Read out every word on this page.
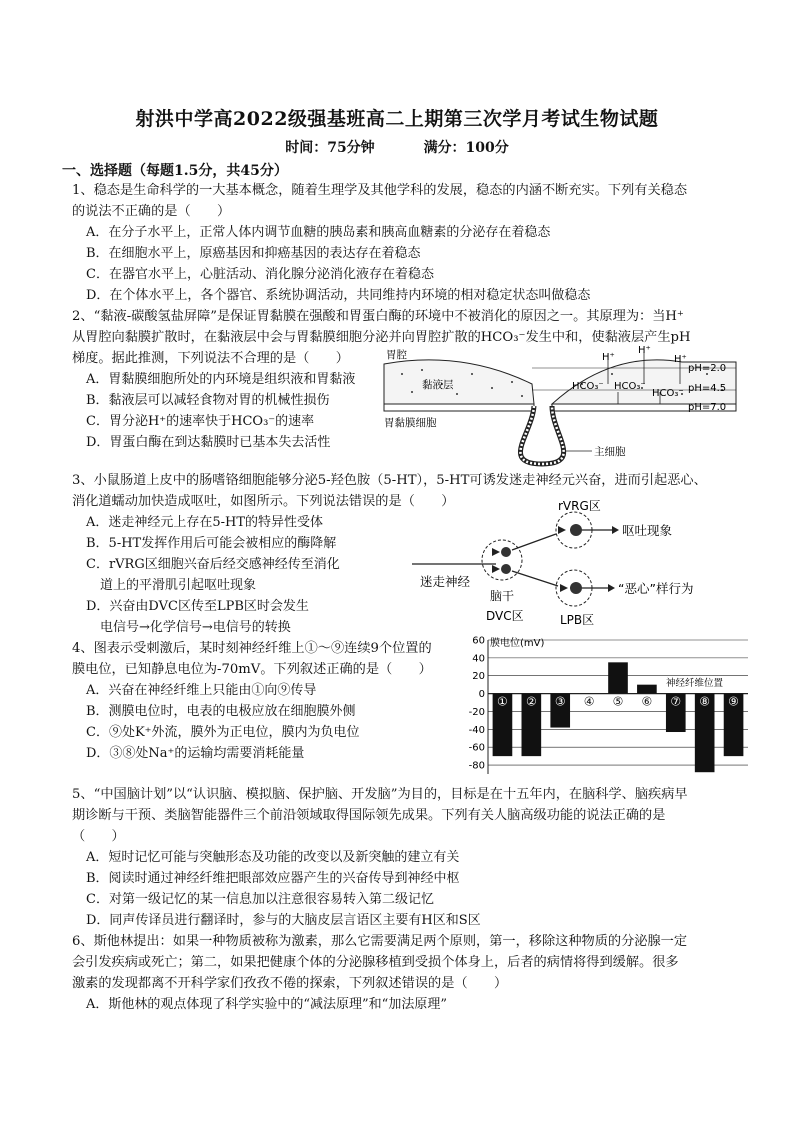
射洪中学高2022级强基班高二上期第三次学月考试生物试题
时间：75分钟	满分：100分
一、选择题（每题1.5分，共45分）
1、稳态是生命科学的一大基本概念，随着生理学及其他学科的发展，稳态的内涵不断充实。下列有关稳态
的说法不正确的是（　　）
A．在分子水平上，正常人体内调节血糖的胰岛素和胰高血糖素的分泌存在着稳态
B．在细胞水平上，原癌基因和抑癌基因的表达存在着稳态
C．在器官水平上，心脏活动、消化腺分泌消化液存在着稳态
D．在个体水平上，各个器官、系统协调活动，共同维持内环境的相对稳定状态叫做稳态
2、“黏液-碳酸氢盐屏障”是保证胃黏膜在强酸和胃蛋白酶的环境中不被消化的原因之一。其原理为：当H⁺
从胃腔向黏膜扩散时，在黏液层中会与胃黏膜细胞分泌并向胃腔扩散的HCO₃⁻发生中和，使黏液层产生pH
梯度。据此推测，下列说法不合理的是（　　）
A．胃黏膜细胞所处的内环境是组织液和胃黏液
B．黏液层可以减轻食物对胃的机械性损伤
C．胃分泌H⁺的速率快于HCO₃⁻的速率
D．胃蛋白酶在到达黏膜时已基本失去活性
胃腔
黏液层
胃黏膜细胞
主细胞
H⁺
H⁺
H⁺
HCO₃⁻ HCO₃⁻
HCO₃⁻
pH=2.0
pH=4.5
pH=7.0
3、小鼠肠道上皮中的肠嗜铬细胞能够分泌5-羟色胺（5-HT），5-HT可诱发迷走神经元兴奋，进而引起恶心、
消化道蠕动加快造成呕吐，如图所示。下列说法错误的是（　　）
A．迷走神经元上存在5-HT的特异性受体
B．5-HT发挥作用后可能会被相应的酶降解
C．rVRG区细胞兴奋后经交感神经传至消化
道上的平滑肌引起呕吐现象
D．兴奋由DVC区传至LPB区时会发生
电信号→化学信号→电信号的转换
rVRG区
呕吐现象
迷走神经	“恶心”样行为
脑干
DVC区	LPB区
4、图表示受刺激后，某时刻神经纤维上①～⑨连续9个位置的
膜电位，已知静息电位为-70mV。下列叙述正确的是（　　）
A．兴奋在神经纤维上只能由①向⑨传导
B．测膜电位时，电表的电极应放在细胞膜外侧
C．⑨处K⁺外流，膜外为正电位，膜内为负电位
D．③⑧处Na⁺的运输均需要消耗能量
60
40
20
0
-20
-40
-60
-80
① ② ③ ④ ⑤ ⑥ ⑦ ⑧ ⑨
膜电位(mV)
神经纤维位置
5、“中国脑计划”以“认识脑、模拟脑、保护脑、开发脑”为目的，目标是在十五年内，在脑科学、脑疾病早
期诊断与干预、类脑智能器件三个前沿领域取得国际领先成果。下列有关人脑高级功能的说法正确的是
（　　）
A．短时记忆可能与突触形态及功能的改变以及新突触的建立有关
B．阅读时通过神经纤维把眼部效应器产生的兴奋传导到神经中枢
C．对第一级记忆的某一信息加以注意很容易转入第二级记忆
D．同声传译员进行翻译时，参与的大脑皮层言语区主要有H区和S区
6、斯他林提出：如果一种物质被称为激素，那么它需要满足两个原则，第一，移除这种物质的分泌腺一定
会引发疾病或死亡；第二，如果把健康个体的分泌腺移植到受损个体身上，后者的病情将得到缓解。很多
激素的发现都离不开科学家们孜孜不倦的探索，下列叙述错误的是（　　）
A．斯他林的观点体现了科学实验中的“减法原理”和“加法原理”
